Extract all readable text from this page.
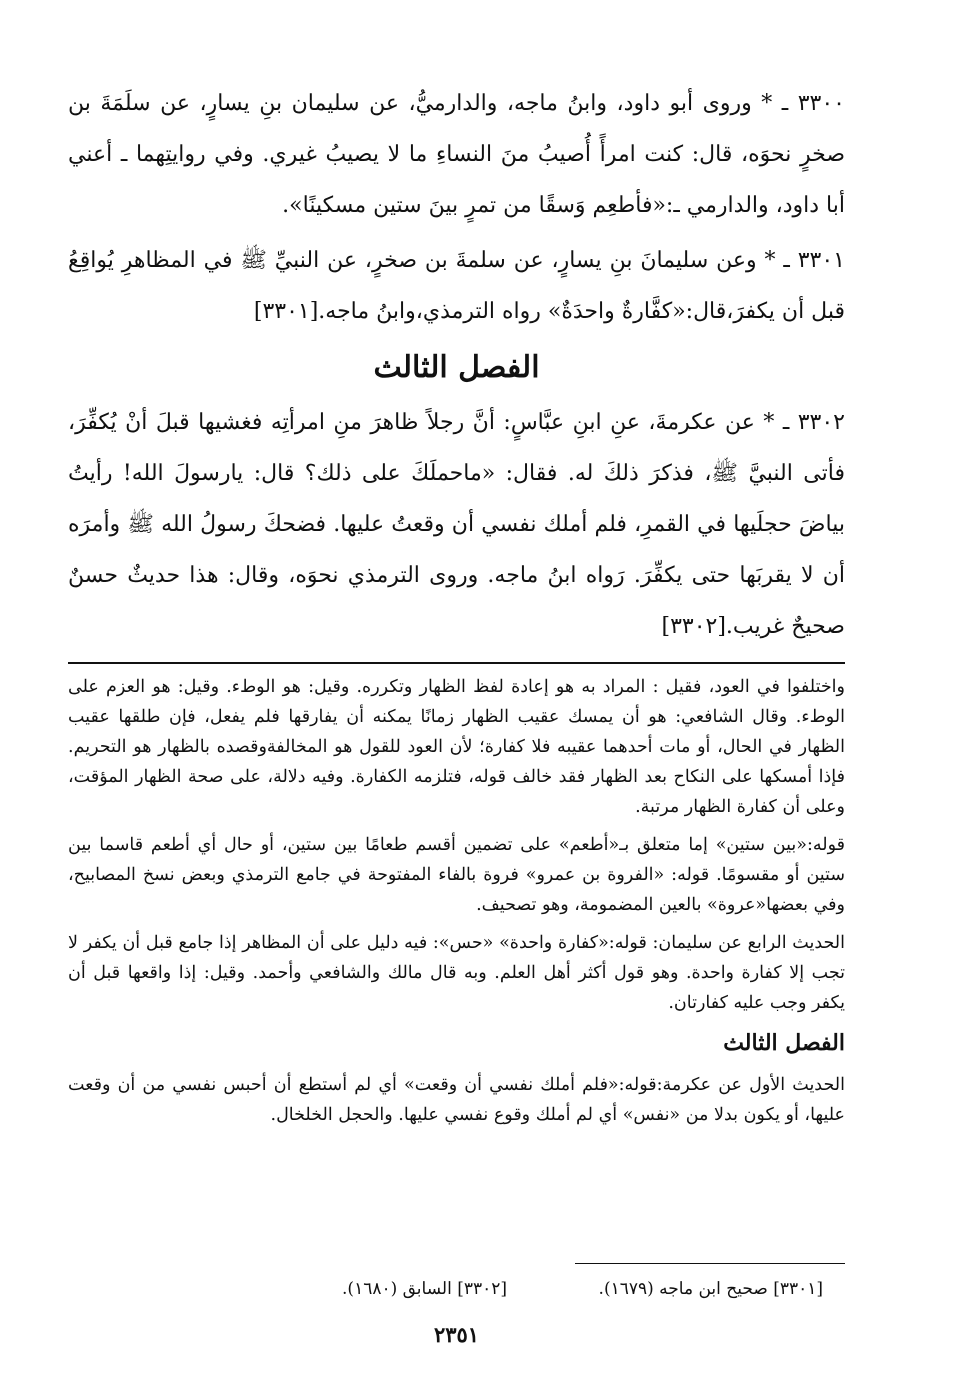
٣٣٠٠ ـ * وروى أبو داود، وابنُ ماجه، والدارميُّ، عن سليمان بنِ يسارٍ، عن سلَمَةَ بن صخرٍ نحوَه، قال: كنت امرأً أُصيبُ منَ النساءِ ما لا يصيبُ غيري. وفي روايتِهما ـ أعني أبا داود، والدارمي ـ:«فأطعِم وَسقًا من تمرٍ بينَ ستين مسكينًا».

٣٣٠١ ـ * وعن سليمانَ بنِ يسارٍ، عن سلمةَ بن صخرٍ، عن النبيِّ ﷺ في المظاهرِ يُواقِعُ قبل أن يكفرَ،قال:«كفَّارةٌ واحدَةٌ» رواه الترمذي،وابنُ ماجه.[٣٣٠١]

الفصل الثالث

٣٣٠٢ ـ * عن عكرمةَ، عنِ ابنِ عبَّاسٍ: أنَّ رجلاً ظاهرَ منِ امرأتِه فغشيها قبلَ أنْ يُكفِّرَ، فأتى النبيَّ ﷺ، فذكرَ ذلكَ له. فقال: «ماحملَكَ على ذلك؟ قال: يارسولَ الله! رأيتُ بياضَ حجلَيها في القمرِ، فلم أملك نفسي أن وقعتُ عليها. فضحكَ رسولُ الله ﷺ وأمرَه أن لا يقربَها حتى يكفِّرَ. رَواه ابنُ ماجه. وروى الترمذي نحوَه، وقال: هذا حديثٌ حسنٌ صحيحٌ غريب.[٣٣٠٢]

واختلفوا في العود، فقيل : المراد به هو إعادة لفظ الظهار وتكرره. وقيل: هو الوطء. وقيل: هو العزم على الوطء. وقال الشافعي: هو أن يمسك عقيب الظهار زمانًا يمكنه أن يفارقها فلم يفعل، فإن طلقها عقيب الظهار في الحال، أو مات أحدهما عقيبه فلا كفارة؛ لأن العود للقول هو المخالفةوقصده بالظهار هو التحريم. فإذا أمسكها على النكاح بعد الظهار فقد خالف قوله، فتلزمه الكفارة. وفيه دلالة، على صحة الظهار المؤقت، وعلى أن كفارة الظهار مرتبة.

قوله:«بين ستين» إما متعلق بـ«أطعم» على تضمين أقسم طعامًا بين ستين، أو حال أي أطعم قاسما بين ستين أو مقسومًا. قوله: «الفروة بن عمرو» فروة بالفاء المفتوحة في جامع الترمذي وبعض نسخ المصابيح، وفي بعضها«عروة» بالعين المضمومة، وهو تصحيف.

الحديث الرابع عن سليمان: قوله:«كفارة واحدة» «حس»: فيه دليل على أن المظاهر إذا جامع قبل أن يكفر لا تجب إلا كفارة واحدة. وهو قول أكثر أهل العلم. وبه قال مالك والشافعي وأحمد. وقيل: إذا واقعها قبل أن يكفر وجب عليه كفارتان.

الفصل الثالث

الحديث الأول عن عكرمة:قوله:«فلم أملك نفسي أن وقعت» أي لم أستطع أن أحبس نفسي من أن وقعت عليها، أو يكون بدلا من «نفس» أي لم أملك وقوع نفسي عليها. والحجل الخلخال.

[٣٣٠١] صحيح ابن ماجه (١٦٧٩).
[٣٣٠٢] السابق (١٦٨٠).
٢٣٥١
